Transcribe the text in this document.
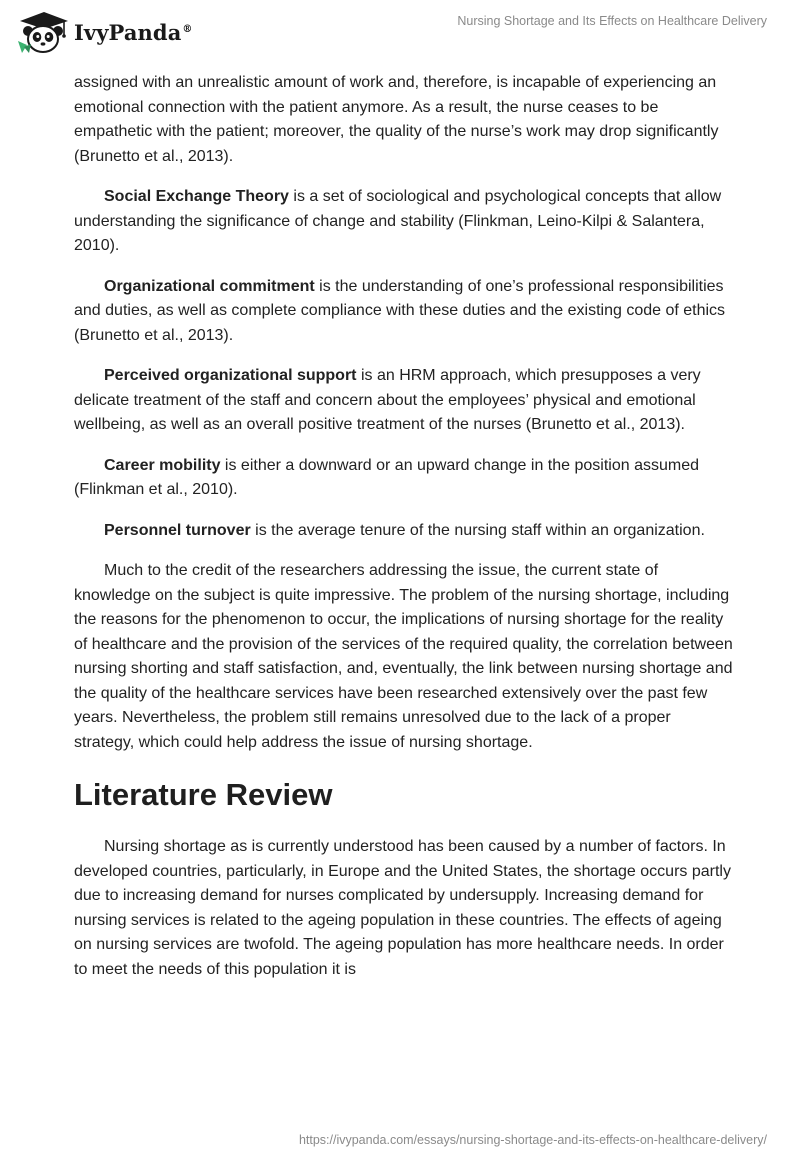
IvyPanda®
Nursing Shortage and Its Effects on Healthcare Delivery

assigned with an unrealistic amount of work and, therefore, is incapable of experiencing an emotional connection with the patient anymore. As a result, the nurse ceases to be empathetic with the patient; moreover, the quality of the nurse’s work may drop significantly (Brunetto et al., 2013).

Social Exchange Theory is a set of sociological and psychological concepts that allow understanding the significance of change and stability (Flinkman, Leino-Kilpi & Salantera, 2010).

Organizational commitment is the understanding of one’s professional responsibilities and duties, as well as complete compliance with these duties and the existing code of ethics (Brunetto et al., 2013).

Perceived organizational support is an HRM approach, which presupposes a very delicate treatment of the staff and concern about the employees’ physical and emotional wellbeing, as well as an overall positive treatment of the nurses (Brunetto et al., 2013).

Career mobility is either a downward or an upward change in the position assumed (Flinkman et al., 2010).

Personnel turnover is the average tenure of the nursing staff within an organization.

Much to the credit of the researchers addressing the issue, the current state of knowledge on the subject is quite impressive. The problem of the nursing shortage, including the reasons for the phenomenon to occur, the implications of nursing shortage for the reality of healthcare and the provision of the services of the required quality, the correlation between nursing shorting and staff satisfaction, and, eventually, the link between nursing shortage and the quality of the healthcare services have been researched extensively over the past few years. Nevertheless, the problem still remains unresolved due to the lack of a proper strategy, which could help address the issue of nursing shortage.

Literature Review

Nursing shortage as is currently understood has been caused by a number of factors. In developed countries, particularly, in Europe and the United States, the shortage occurs partly due to increasing demand for nurses complicated by undersupply. Increasing demand for nursing services is related to the ageing population in these countries. The effects of ageing on nursing services are twofold. The ageing population has more healthcare needs. In order to meet the needs of this population it is

https://ivypanda.com/essays/nursing-shortage-and-its-effects-on-healthcare-delivery/
